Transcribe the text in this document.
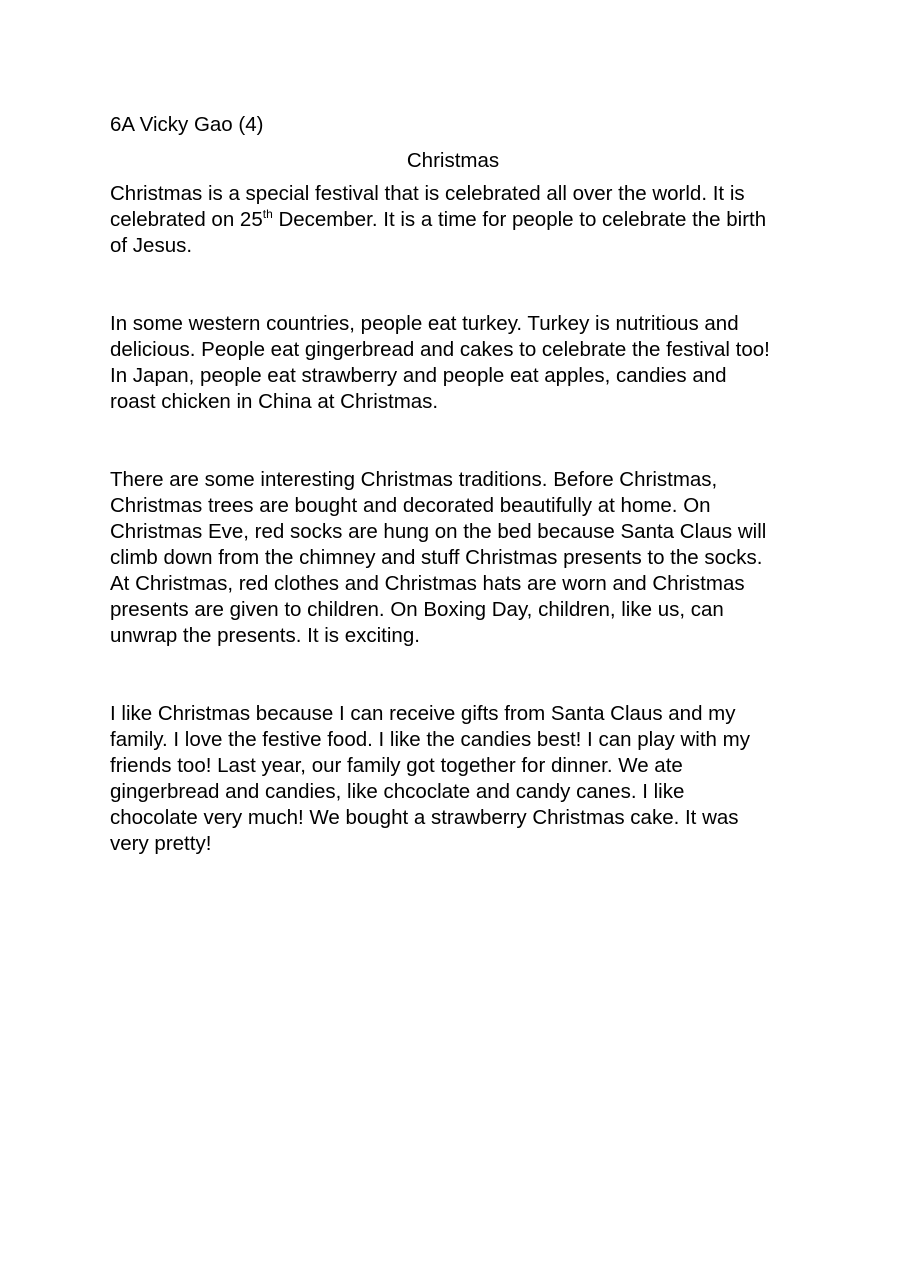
6A Vicky Gao (4)

Christmas

Christmas is a special festival that is celebrated all over the world. It is
celebrated on 25th December. It is a time for people to celebrate the birth
of Jesus.

In some western countries, people eat turkey. Turkey is nutritious and
delicious. People eat gingerbread and cakes to celebrate the festival too!
In Japan, people eat strawberry and people eat apples, candies and
roast chicken in China at Christmas.

There are some interesting Christmas traditions. Before Christmas,
Christmas trees are bought and decorated beautifully at home. On
Christmas Eve, red socks are hung on the bed because Santa Claus will
climb down from the chimney and stuff Christmas presents to the socks.
At Christmas, red clothes and Christmas hats are worn and Christmas
presents are given to children. On Boxing Day, children, like us, can
unwrap the presents. It is exciting.

I like Christmas because I can receive gifts from Santa Claus and my
family. I love the festive food. I like the candies best! I can play with my
friends too! Last year, our family got together for dinner. We ate
gingerbread and candies, like chcoclate and candy canes. I like
chocolate very much! We bought a strawberry Christmas cake. It was
very pretty!
